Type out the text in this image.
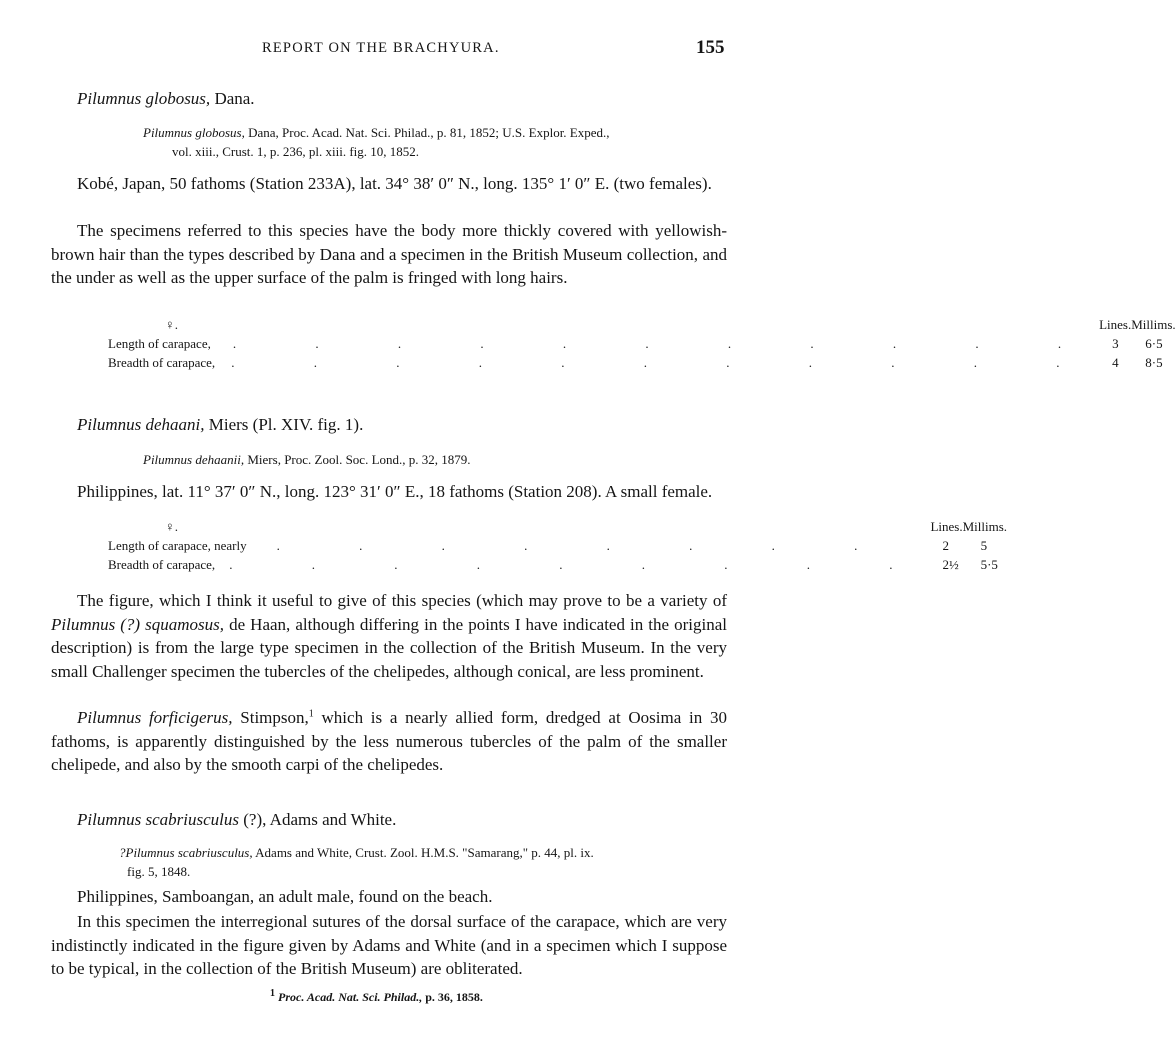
REPORT ON THE BRACHYURA.	155
Pilumnus globosus, Dana.
Pilumnus globosus, Dana, Proc. Acad. Nat. Sci. Philad., p. 81, 1852; U.S. Explor. Exped.,
vol. xiii., Crust. 1, p. 236, pl. xiii. fig. 10, 1852.
Kobé, Japan, 50 fathoms (Station 233A), lat. 34° 38′ 0″ N., long. 135° 1′ 0″ E. (two females).
The specimens referred to this species have the body more thickly covered with yellowish-brown hair than the types described by Dana and a specimen in the British Museum collection, and the under as well as the upper surface of the palm is fringed with long hairs.
♀.	Lines.	Millims.
Length of carapace, . . . . . . . . . . .	3	6·5
Breadth of carapace, . . . . . . . . . . .	4	8·5
Pilumnus dehaani, Miers (Pl. XIV. fig. 1).
Pilumnus dehaanii, Miers, Proc. Zool. Soc. Lond., p. 32, 1879.
Philippines, lat. 11° 37′ 0″ N., long. 123° 31′ 0″ E., 18 fathoms (Station 208). A small female.
♀.	Lines.	Millims.
Length of carapace, nearly . . . . . . . .	2	5
Breadth of carapace, . . . . . . . . .	2½	5·5
The figure, which I think it useful to give of this species (which may prove to be a variety of Pilumnus (?) squamosus, de Haan, although differing in the points I have indicated in the original description) is from the large type specimen in the collection of the British Museum. In the very small Challenger specimen the tubercles of the chelipedes, although conical, are less prominent.
Pilumnus forficigerus, Stimpson,$^1$ which is a nearly allied form, dredged at Oosima in 30 fathoms, is apparently distinguished by the less numerous tubercles of the palm of the smaller chelipede, and also by the smooth carpi of the chelipedes.
Pilumnus scabriusculus (?), Adams and White.
?Pilumnus scabriusculus, Adams and White, Crust. Zool. H.M.S. "Samarang," p. 44, pl. ix.
fig. 5, 1848.
Philippines, Samboangan, an adult male, found on the beach.
In this specimen the interregional sutures of the dorsal surface of the carapace, which are very indistinctly indicated in the figure given by Adams and White (and in a specimen which I suppose to be typical, in the collection of the British Museum) are obliterated.
$^1$ Proc. Acad. Nat. Sci. Philad., p. 36, 1858.
